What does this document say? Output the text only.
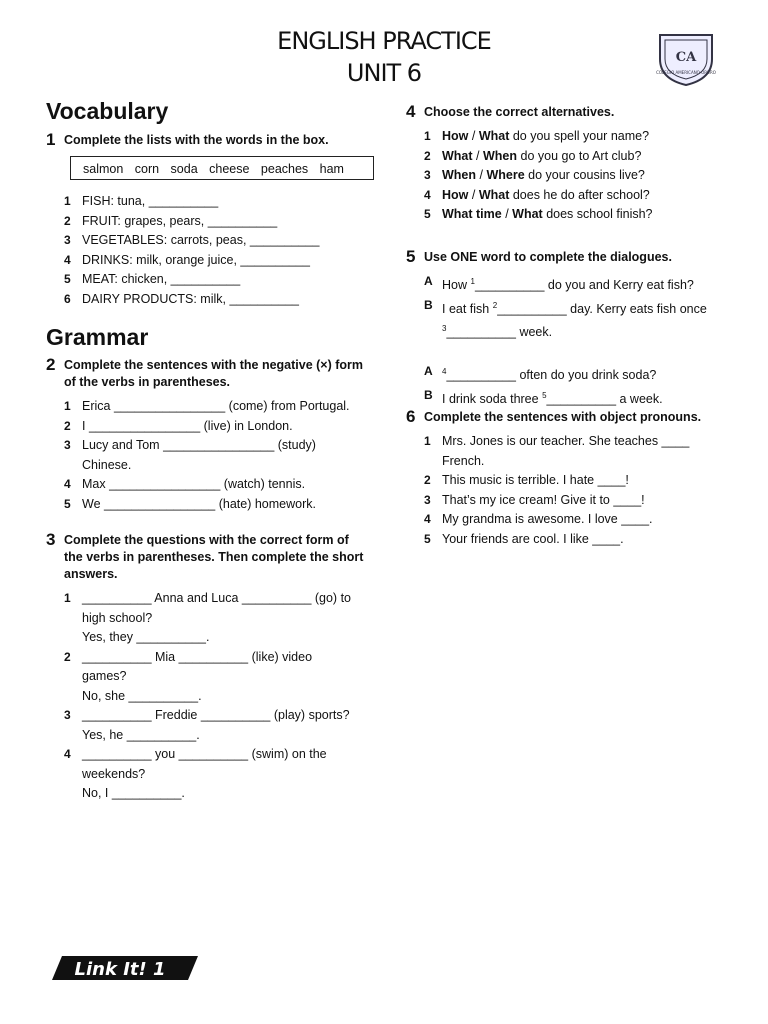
ENGLISH PRACTICE
UNIT 6
CA
COLEGIO AMERICANO ORURO
Vocabulary
1 Complete the lists with the words in the box.
salmon corn soda cheese peaches ham
1 FISH: tuna, __________
2 FRUIT: grapes, pears, __________
3 VEGETABLES: carrots, peas, __________
4 DRINKS: milk, orange juice, __________
5 MEAT: chicken, __________
6 DAIRY PRODUCTS: milk, __________
Grammar
2 Complete the sentences with the negative (×) form of the verbs in parentheses.
1 Erica ________________ (come) from Portugal.
2 I ________________ (live) in London.
3 Lucy and Tom ________________ (study) Chinese.
4 Max ________________ (watch) tennis.
5 We ________________ (hate) homework.
3 Complete the questions with the correct form of the verbs in parentheses. Then complete the short answers.
1 __________ Anna and Luca __________ (go) to high school?
Yes, they __________.
2 __________ Mia __________ (like) video games?
No, she __________.
3 __________ Freddie __________ (play) sports?
Yes, he __________.
4 __________ you __________ (swim) on the weekends?
No, I __________.
4 Choose the correct alternatives.
1 How / What do you spell your name?
2 What / When do you go to Art club?
3 When / Where do your cousins live?
4 How / What does he do after school?
5 What time / What does school finish?
5 Use ONE word to complete the dialogues.
A How $^1$__________ do you and Kerry eat fish?
B I eat fish $^2$__________ day. Kerry eats fish once $^3$__________ week.
A	$^4$__________ often do you drink soda?
B I drink soda three $^5$__________ a week.
6 Complete the sentences with object pronouns.
1 Mrs. Jones is our teacher. She teaches ____ French.
2 This music is terrible. I hate ____!
3 That’s my ice cream! Give it to ____!
4 My grandma is awesome. I love ____.
5 Your friends are cool. I like ____.
Link It! 1
